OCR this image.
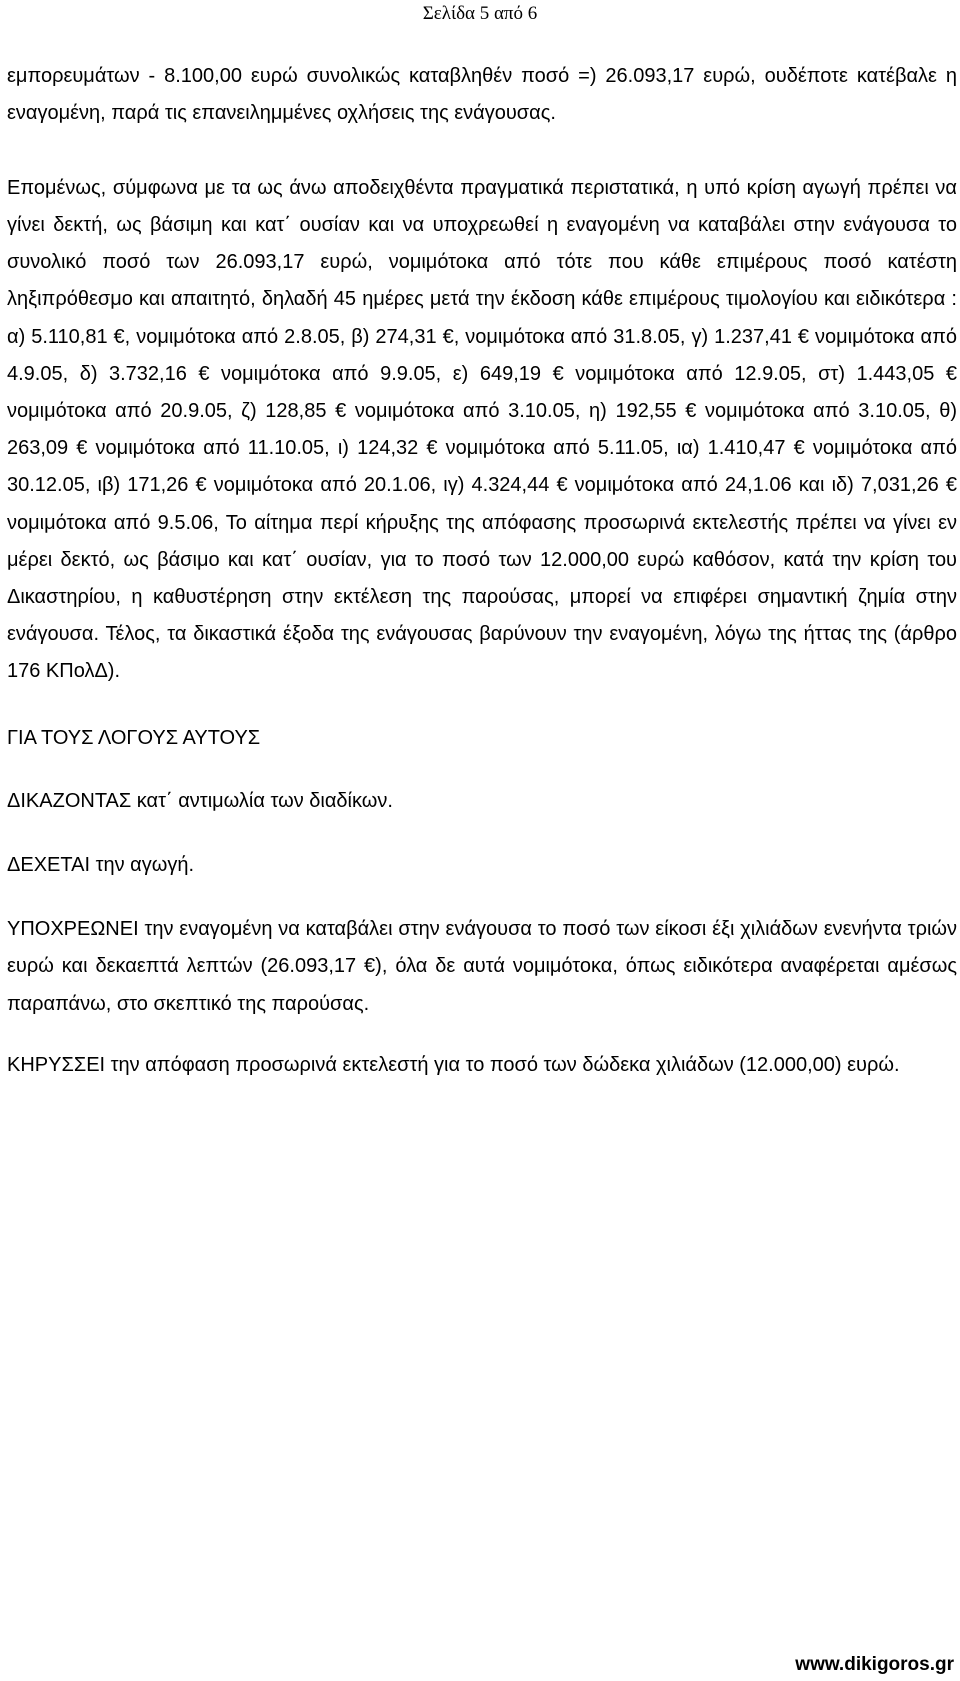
Σελίδα 5 από 6

εμπορευμάτων - 8.100,00 ευρώ συνολικώς καταβληθέν ποσό =) 26.093,17 ευρώ, ουδέποτε κατέβαλε η εναγομένη, παρά τις επανειλημμένες οχλήσεις της ενάγουσας.

Επομένως, σύμφωνα με τα ως άνω αποδειχθέντα πραγματικά περιστατικά, η υπό κρίση αγωγή πρέπει να γίνει δεκτή, ως βάσιμη και κατ΄ ουσίαν και να υποχρεωθεί η εναγομένη να καταβάλει στην ενάγουσα το συνολικό ποσό των 26.093,17 ευρώ, νομιμότοκα από τότε που κάθε επιμέρους ποσό κατέστη ληξιπρόθεσμο και απαιτητό, δηλαδή 45 ημέρες μετά την έκδοση κάθε επιμέρους τιμολογίου και ειδικότερα : α) 5.110,81 €, νομιμότοκα από 2.8.05, β) 274,31 €, νομιμότοκα από 31.8.05, γ) 1.237,41 € νομιμότοκα από 4.9.05, δ) 3.732,16 € νομιμότοκα από 9.9.05, ε) 649,19 € νομιμότοκα από 12.9.05, στ) 1.443,05 € νομιμότοκα από 20.9.05, ζ) 128,85 € νομιμότοκα από 3.10.05, η) 192,55 € νομιμότοκα από 3.10.05, θ) 263,09 € νομιμότοκα από 11.10.05, ι) 124,32 € νομιμότοκα από 5.11.05, ια) 1.410,47 € νομιμότοκα από 30.12.05, ιβ) 171,26 € νομιμότοκα από 20.1.06, ιγ) 4.324,44 € νομιμότοκα από 24,1.06 και ιδ) 7,031,26 € νομιμότοκα από 9.5.06, Το αίτημα περί κήρυξης της απόφασης προσωρινά εκτελεστής πρέπει να γίνει εν μέρει δεκτό, ως βάσιμο και κατ΄ ουσίαν, για το ποσό των 12.000,00 ευρώ καθόσον, κατά την κρίση του Δικαστηρίου, η καθυστέρηση στην εκτέλεση της παρούσας, μπορεί να επιφέρει σημαντική ζημία στην ενάγουσα. Τέλος, τα δικαστικά έξοδα της ενάγουσας βαρύνουν την εναγομένη, λόγω της ήττας της (άρθρο 176 ΚΠολΔ).

ΓΙΑ ΤΟΥΣ ΛΟΓΟΥΣ ΑΥΤΟΥΣ

ΔΙΚΑΖΟΝΤΑΣ κατ΄ αντιμωλία των διαδίκων.

ΔΕΧΕΤΑΙ την αγωγή.

ΥΠΟΧΡΕΩΝΕΙ την εναγομένη να καταβάλει στην ενάγουσα το ποσό των είκοσι έξι χιλιάδων ενενήντα τριών ευρώ και δεκαεπτά λεπτών (26.093,17 €), όλα δε αυτά νομιμότοκα, όπως ειδικότερα αναφέρεται αμέσως παραπάνω, στο σκεπτικό της παρούσας.

ΚΗΡΥΣΣΕΙ την απόφαση προσωρινά εκτελεστή για το ποσό των δώδεκα χιλιάδων (12.000,00) ευρώ.

www.dikigoros.gr
